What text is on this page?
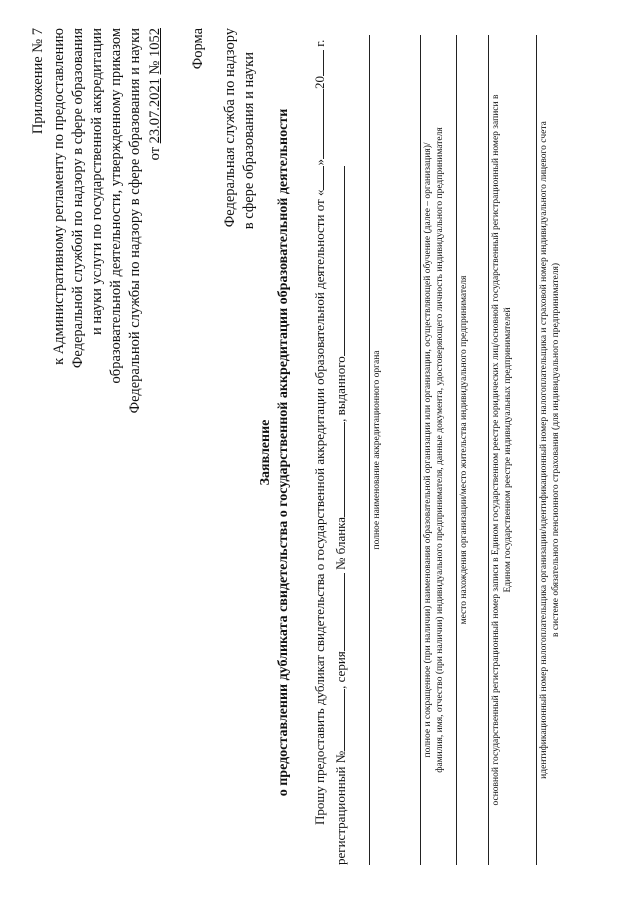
Приложение № 7 к Административному регламенту по предоставлению Федеральной службой по надзору в сфере образования и науки услуги по государственной аккредитации образовательной деятельности, утвержденному приказом Федеральной службы по надзору в сфере образования и науки от 23.07.2021 № 1052 Форма Федеральная служба по надзору в сфере образования и науки
Заявление о предоставлении дубликата свидетельства о государственной аккредитации образовательной деятельности Прошу предоставить дубликат свидетельства о государственной аккредитации образовательной деятельности от «»20 г.
регистрационный №, серия № бланка, выданного	полное наименование аккредитационного органа	полное и сокращенное (при наличии) наименования образовательной организации или организации, осуществляющей обучение (далее – организация)/ фамилия, имя, отчество (при наличии) индивидуального предпринимателя, данные документа, удостоверяющего личность индивидуального предпринимателя место нахождения организации/место жительства индивидуального предпринимателя основной государственный регистрационный номер записи в Едином государственном реестре юридических лиц/основной государственный регистрационный номер записи в Едином государственном реестре индивидуальных предпринимателей	идентификационный номер налогоплательщика организации/идентификационный номер налогоплательщика и страховой номер индивидуального лицевого счета в системе обязательного пенсионного страхования (для индивидуального предпринимателя)
